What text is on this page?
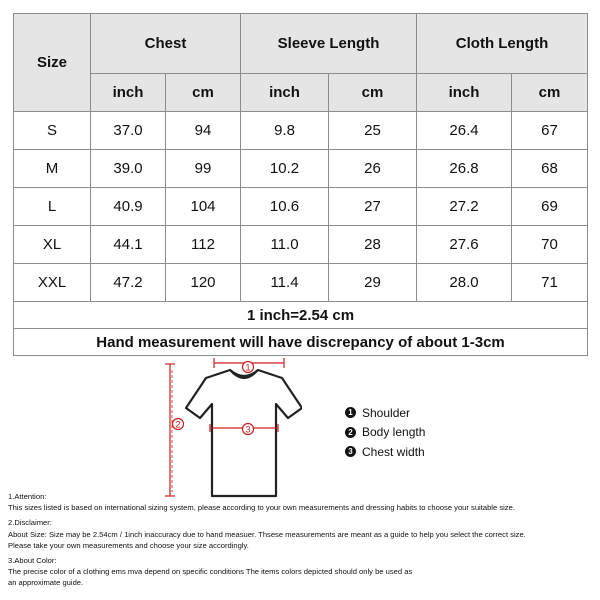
Size	Chest		Sleeve Length		Cloth Length	
	inch	cm	inch	cm	inch	cm
S	37.0	94	9.8	25	26.4	67
M	39.0	99	10.2	26	26.8	68
L	40.9	104	10.6	27	27.2	69
XL	44.1	112	11.0	28	27.6	70
XXL	47.2	120	11.4	29	28.0	71
1 inch=2.54 cm						
Hand measurement will have discrepancy of about 1-3cm						
1
2	3
1 Shoulder
2 Body length
3 Chest width
1.Attention:
This sizes listed is based on international sizing system, please according to your own measurements and dressing habits to choose your suitable size.
2.Disclaimer:
About Size: Size may be 2.54cm / 1inch inaccuracy due to hand measuer. Thsese measurements are meant as a guide to help you select the correct size.
Please take your own measurements and choose your size accordingly.
3.About Color:
The precise color of a clothing ems mva depend on specific conditions The items colors depicted should only be used as
an approximate guide.
